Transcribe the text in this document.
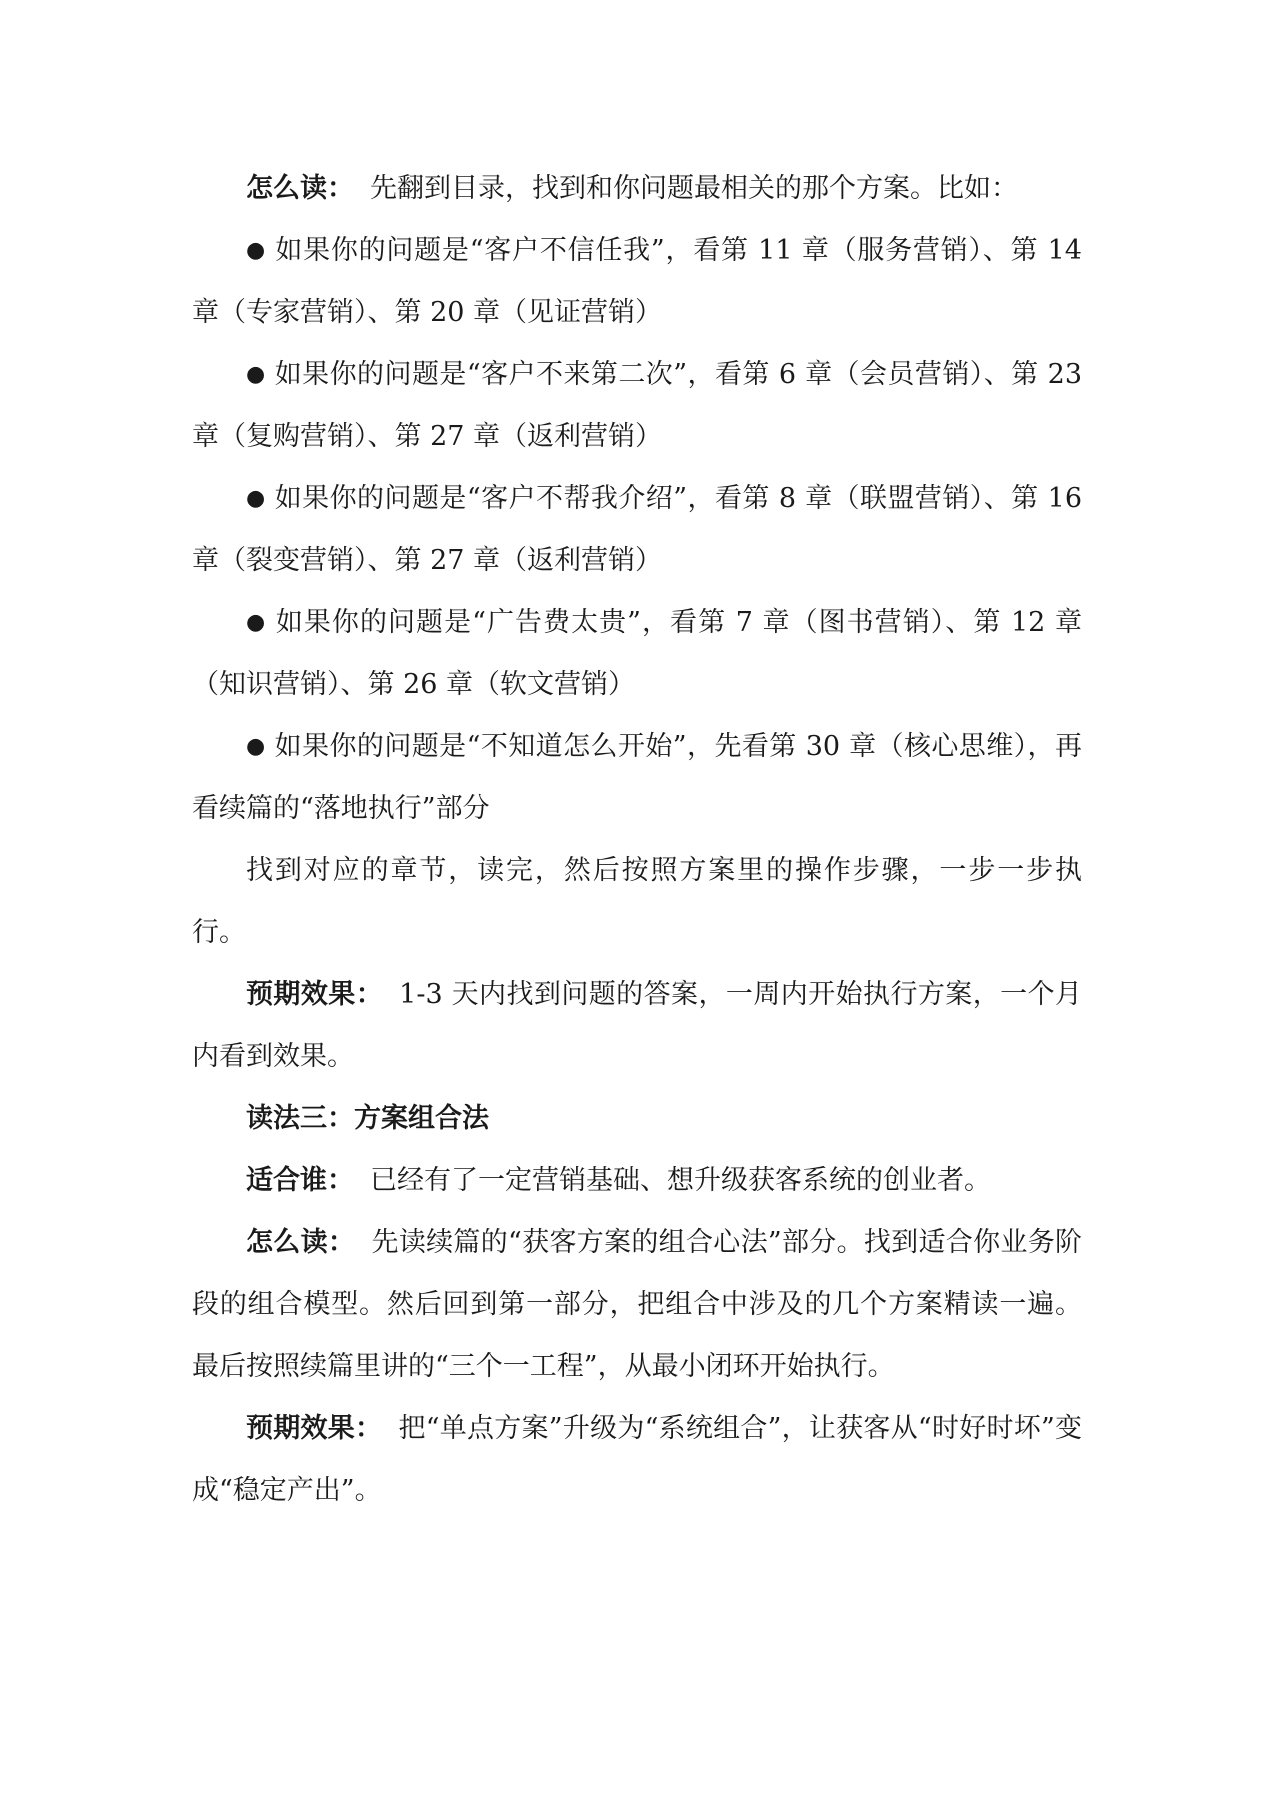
怎么读： 先翻到目录，找到和你问题最相关的那个方案。比如：

● 如果你的问题是“客户不信任我”，看第 11 章（服务营销）、第 14 章（专家营销）、第 20 章（见证营销）

● 如果你的问题是“客户不来第二次”，看第 6 章（会员营销）、第 23 章（复购营销）、第 27 章（返利营销）

● 如果你的问题是“客户不帮我介绍”，看第 8 章（联盟营销）、第 16 章（裂变营销）、第 27 章（返利营销）

● 如果你的问题是“广告费太贵”，看第 7 章（图书营销）、第 12 章（知识营销）、第 26 章（软文营销）

● 如果你的问题是“不知道怎么开始”，先看第 30 章（核心思维），再看续篇的“落地执行”部分

找到对应的章节，读完，然后按照方案里的操作步骤，一步一步执行。

预期效果： 1-3 天内找到问题的答案，一周内开始执行方案，一个月内看到效果。

读法三：方案组合法

适合谁： 已经有了一定营销基础、想升级获客系统的创业者。

怎么读： 先读续篇的“获客方案的组合心法”部分。找到适合你业务阶段的组合模型。然后回到第一部分，把组合中涉及的几个方案精读一遍。最后按照续篇里讲的“三个一工程”，从最小闭环开始执行。

预期效果： 把“单点方案”升级为“系统组合”，让获客从“时好时坏”变成“稳定产出”。
